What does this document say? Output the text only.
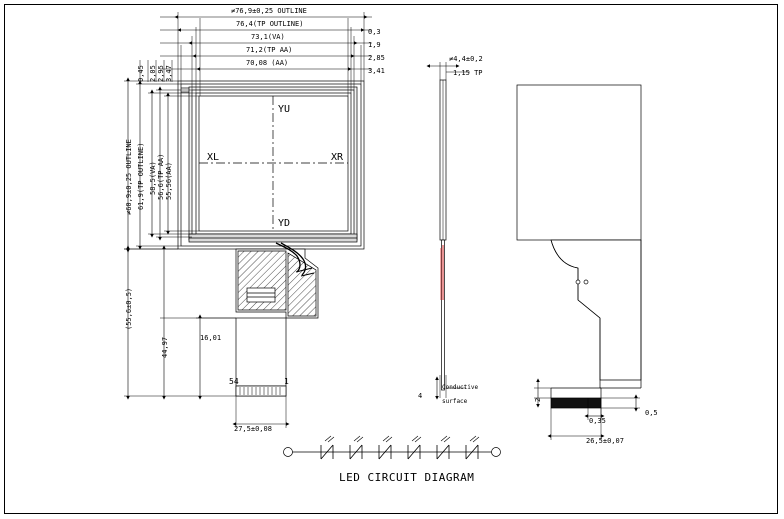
≠76,9±0,25 OUTLINE
76,4(TP OUTLINE)
73,1(VA)
71,2(TP AA)
70,08 (AA)
0,3
1,9
2,85
3,41
0,45 2,05 2,95 3,47
≠60,9±0,25 OUTLINE 61,9(TP OUTLINE) 58,5(VA) 56,6(TP AA) 55,56(AA)
YU
XL	XR
YD
(55,6±0,5)
44,97	16,01
27,5±0,08
54	1
≠4,4±0,2
1,15 TP
4
Conductive
surface	2
0,35
0,5
26,5±0,07
LED CIRCUIT DIAGRAM
